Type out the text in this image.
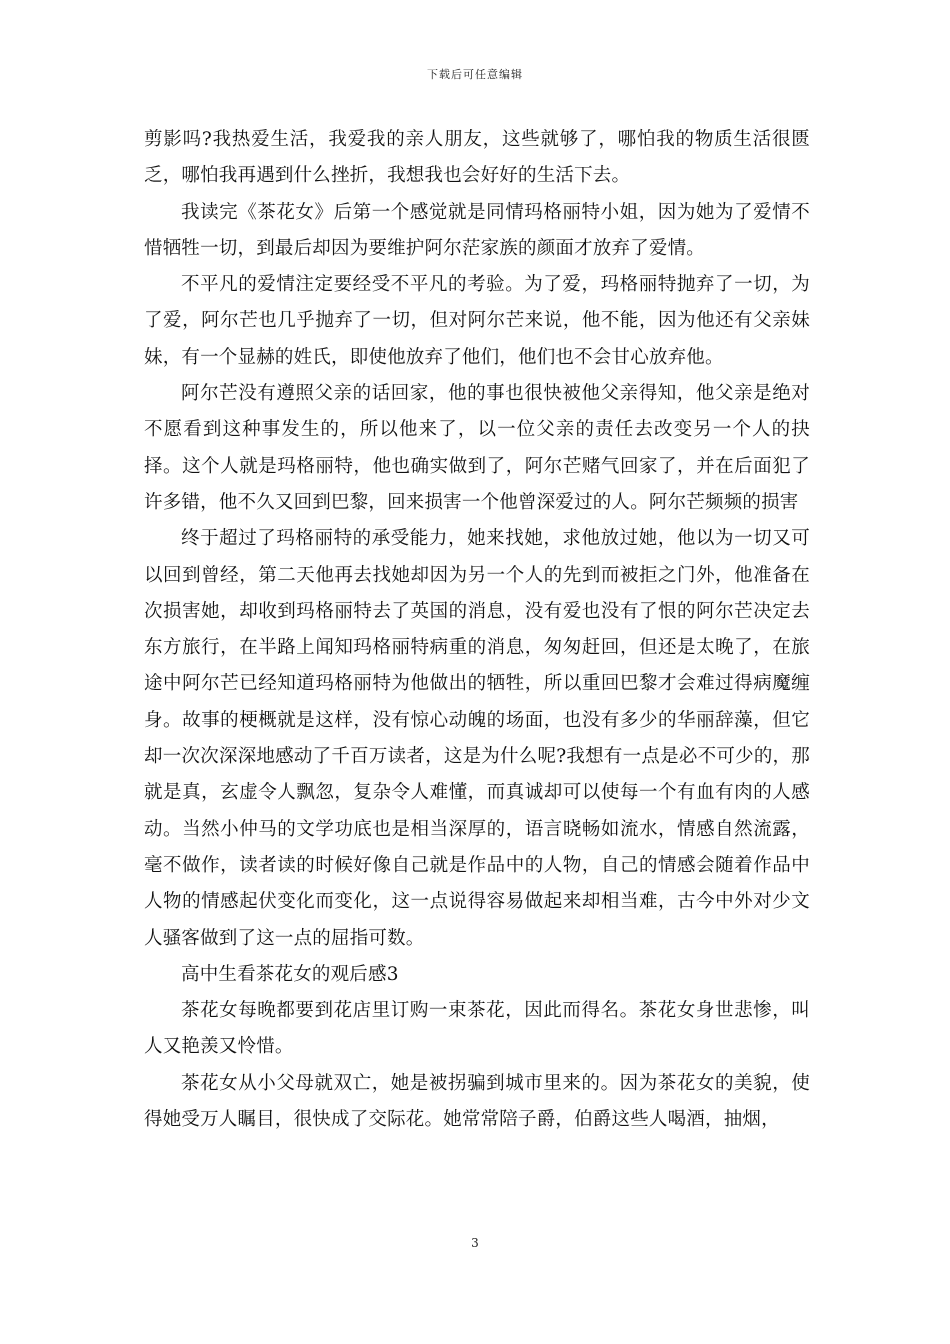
下载后可任意编辑

剪影吗?我热爱生活，我爱我的亲人朋友，这些就够了，哪怕我的物质生活很匮乏，哪怕我再遇到什么挫折，我想我也会好好的生活下去。

我读完《茶花女》后第一个感觉就是同情玛格丽特小姐，因为她为了爱情不惜牺牲一切，到最后却因为要维护阿尔茫家族的颜面才放弃了爱情。

不平凡的爱情注定要经受不平凡的考验。为了爱，玛格丽特抛弃了一切，为了爱，阿尔芒也几乎抛弃了一切，但对阿尔芒来说，他不能，因为他还有父亲妹妹，有一个显赫的姓氏，即使他放弃了他们，他们也不会甘心放弃他。

阿尔芒没有遵照父亲的话回家，他的事也很快被他父亲得知，他父亲是绝对不愿看到这种事发生的，所以他来了，以一位父亲的责任去改变另一个人的抉择。这个人就是玛格丽特，他也确实做到了，阿尔芒赌气回家了，并在后面犯了许多错，他不久又回到巴黎，回来损害一个他曾深爱过的人。阿尔芒频频的损害

终于超过了玛格丽特的承受能力，她来找她，求他放过她，他以为一切又可以回到曾经，第二天他再去找她却因为另一个人的先到而被拒之门外，他准备在次损害她，却收到玛格丽特去了英国的消息，没有爱也没有了恨的阿尔芒决定去东方旅行，在半路上闻知玛格丽特病重的消息，匆匆赶回，但还是太晚了，在旅途中阿尔芒已经知道玛格丽特为他做出的牺牲，所以重回巴黎才会难过得病魔缠身。故事的梗概就是这样，没有惊心动魄的场面，也没有多少的华丽辞藻，但它却一次次深深地感动了千百万读者，这是为什么呢?我想有一点是必不可少的，那就是真，玄虚令人飘忽，复杂令人难懂，而真诚却可以使每一个有血有肉的人感动。当然小仲马的文学功底也是相当深厚的，语言晓畅如流水，情感自然流露，毫不做作，读者读的时候好像自己就是作品中的人物，自己的情感会随着作品中人物的情感起伏变化而变化，这一点说得容易做起来却相当难，古今中外对少文人骚客做到了这一点的屈指可数。

高中生看茶花女的观后感3

茶花女每晚都要到花店里订购一束茶花，因此而得名。茶花女身世悲惨，叫人又艳羡又怜惜。

茶花女从小父母就双亡，她是被拐骗到城市里来的。因为茶花女的美貌，使得她受万人瞩目，很快成了交际花。她常常陪子爵，伯爵这些人喝酒，抽烟，

3
